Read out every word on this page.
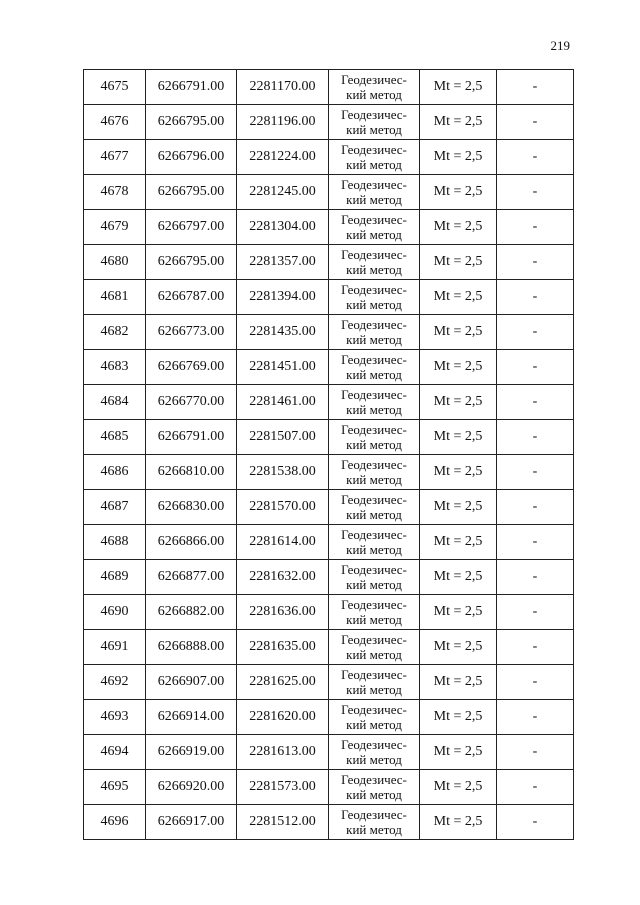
219
4675	6266791.00	2281170.00	Геодезичес-
кий метод	Mt = 2,5	-
4676	6266795.00	2281196.00	Геодезичес-
кий метод	Mt = 2,5	-
4677	6266796.00	2281224.00	Геодезичес-
кий метод	Mt = 2,5	-
4678	6266795.00	2281245.00	Геодезичес-
кий метод	Mt = 2,5	-
4679	6266797.00	2281304.00	Геодезичес-
кий метод	Mt = 2,5	-
4680	6266795.00	2281357.00	Геодезичес-
кий метод	Mt = 2,5	-
4681	6266787.00	2281394.00	Геодезичес-
кий метод	Mt = 2,5	-
4682	6266773.00	2281435.00	Геодезичес-
кий метод	Mt = 2,5	-
4683	6266769.00	2281451.00	Геодезичес-
кий метод	Mt = 2,5	-
4684	6266770.00	2281461.00	Геодезичес-
кий метод	Mt = 2,5	-
4685	6266791.00	2281507.00	Геодезичес-
кий метод	Mt = 2,5	-
4686	6266810.00	2281538.00	Геодезичес-
кий метод	Mt = 2,5	-
4687	6266830.00	2281570.00	Геодезичес-
кий метод	Mt = 2,5	-
4688	6266866.00	2281614.00	Геодезичес-
кий метод	Mt = 2,5	-
4689	6266877.00	2281632.00	Геодезичес-
кий метод	Mt = 2,5	-
4690	6266882.00	2281636.00	Геодезичес-
кий метод	Mt = 2,5	-
4691	6266888.00	2281635.00	Геодезичес-
кий метод	Mt = 2,5	-
4692	6266907.00	2281625.00	Геодезичес-
кий метод	Mt = 2,5	-
4693	6266914.00	2281620.00	Геодезичес-
кий метод	Mt = 2,5	-
4694	6266919.00	2281613.00	Геодезичес-
кий метод	Mt = 2,5	-
4695	6266920.00	2281573.00	Геодезичес-
кий метод	Mt = 2,5	-
4696	6266917.00	2281512.00	Геодезичес-
кий метод	Mt = 2,5	-
